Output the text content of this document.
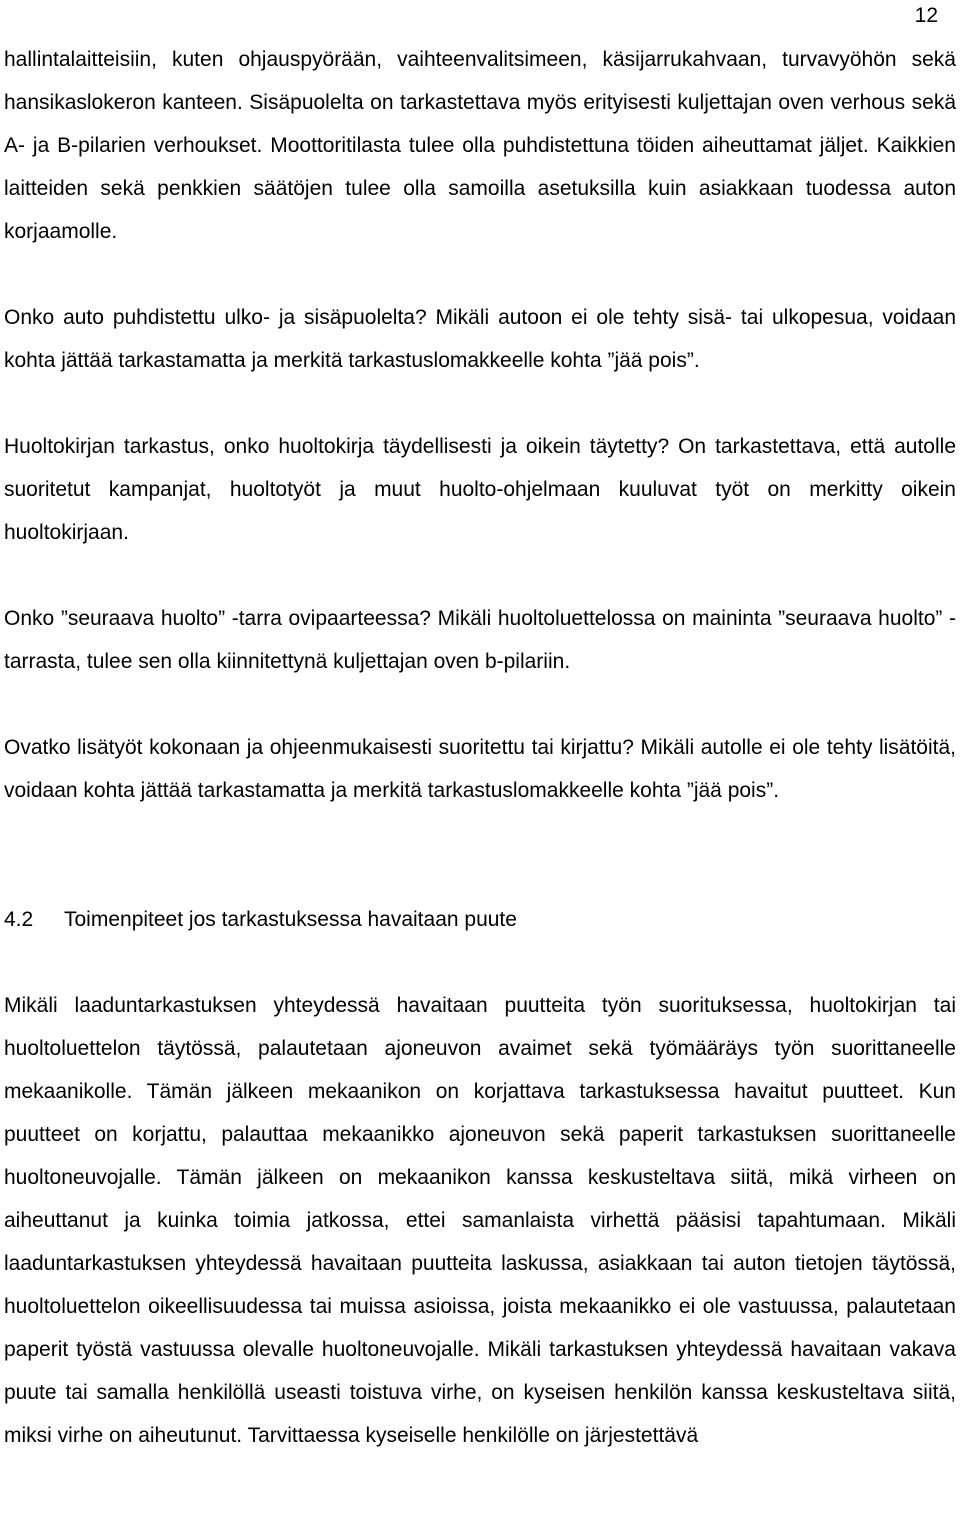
12

hallintalaitteisiin, kuten ohjauspyörään, vaihteenvalitsimeen, käsijarrukahvaan, turvavyöhön sekä hansikaslokeron kanteen. Sisäpuolelta on tarkastettava myös erityisesti kuljettajan oven verhous sekä A- ja B-pilarien verhoukset. Moottoritilasta tulee olla puhdistettuna töiden aiheuttamat jäljet. Kaikkien laitteiden sekä penkkien säätöjen tulee olla samoilla asetuksilla kuin asiakkaan tuodessa auton korjaamolle.

Onko auto puhdistettu ulko- ja sisäpuolelta? Mikäli autoon ei ole tehty sisä- tai ulkopesua, voidaan kohta jättää tarkastamatta ja merkitä tarkastuslomakkeelle kohta ”jää pois”.

Huoltokirjan tarkastus, onko huoltokirja täydellisesti ja oikein täytetty? On tarkastettava, että autolle suoritetut kampanjat, huoltotyöt ja muut huolto-ohjelmaan kuuluvat työt on merkitty oikein huoltokirjaan.

Onko ”seuraava huolto” -tarra ovipaarteessa? Mikäli huoltoluettelossa on maininta ”seuraava huolto” -tarrasta, tulee sen olla kiinnitettynä kuljettajan oven b-pilariin.

Ovatko lisätyöt kokonaan ja ohjeenmukaisesti suoritettu tai kirjattu? Mikäli autolle ei ole tehty lisätöitä, voidaan kohta jättää tarkastamatta ja merkitä tarkastuslomakkeelle kohta ”jää pois”.

4.2 Toimenpiteet jos tarkastuksessa havaitaan puute

Mikäli laaduntarkastuksen yhteydessä havaitaan puutteita työn suorituksessa, huoltokirjan tai huoltoluettelon täytössä, palautetaan ajoneuvon avaimet sekä työmääräys työn suorittaneelle mekaanikolle. Tämän jälkeen mekaanikon on korjattava tarkastuksessa havaitut puutteet. Kun puutteet on korjattu, palauttaa mekaanikko ajoneuvon sekä paperit tarkastuksen suorittaneelle huoltoneuvojalle. Tämän jälkeen on mekaanikon kanssa keskusteltava siitä, mikä virheen on aiheuttanut ja kuinka toimia jatkossa, ettei samanlaista virhettä pääsisi tapahtumaan. Mikäli laaduntarkastuksen yhteydessä havaitaan puutteita laskussa, asiakkaan tai auton tietojen täytössä, huoltoluettelon oikeellisuudessa tai muissa asioissa, joista mekaanikko ei ole vastuussa, palautetaan paperit työstä vastuussa olevalle huoltoneuvojalle. Mikäli tarkastuksen yhteydessä havaitaan vakava puute tai samalla henkilöllä useasti toistuva virhe, on kyseisen henkilön kanssa keskusteltava siitä, miksi virhe on aiheutunut. Tarvittaessa kyseiselle henkilölle on järjestettävä
